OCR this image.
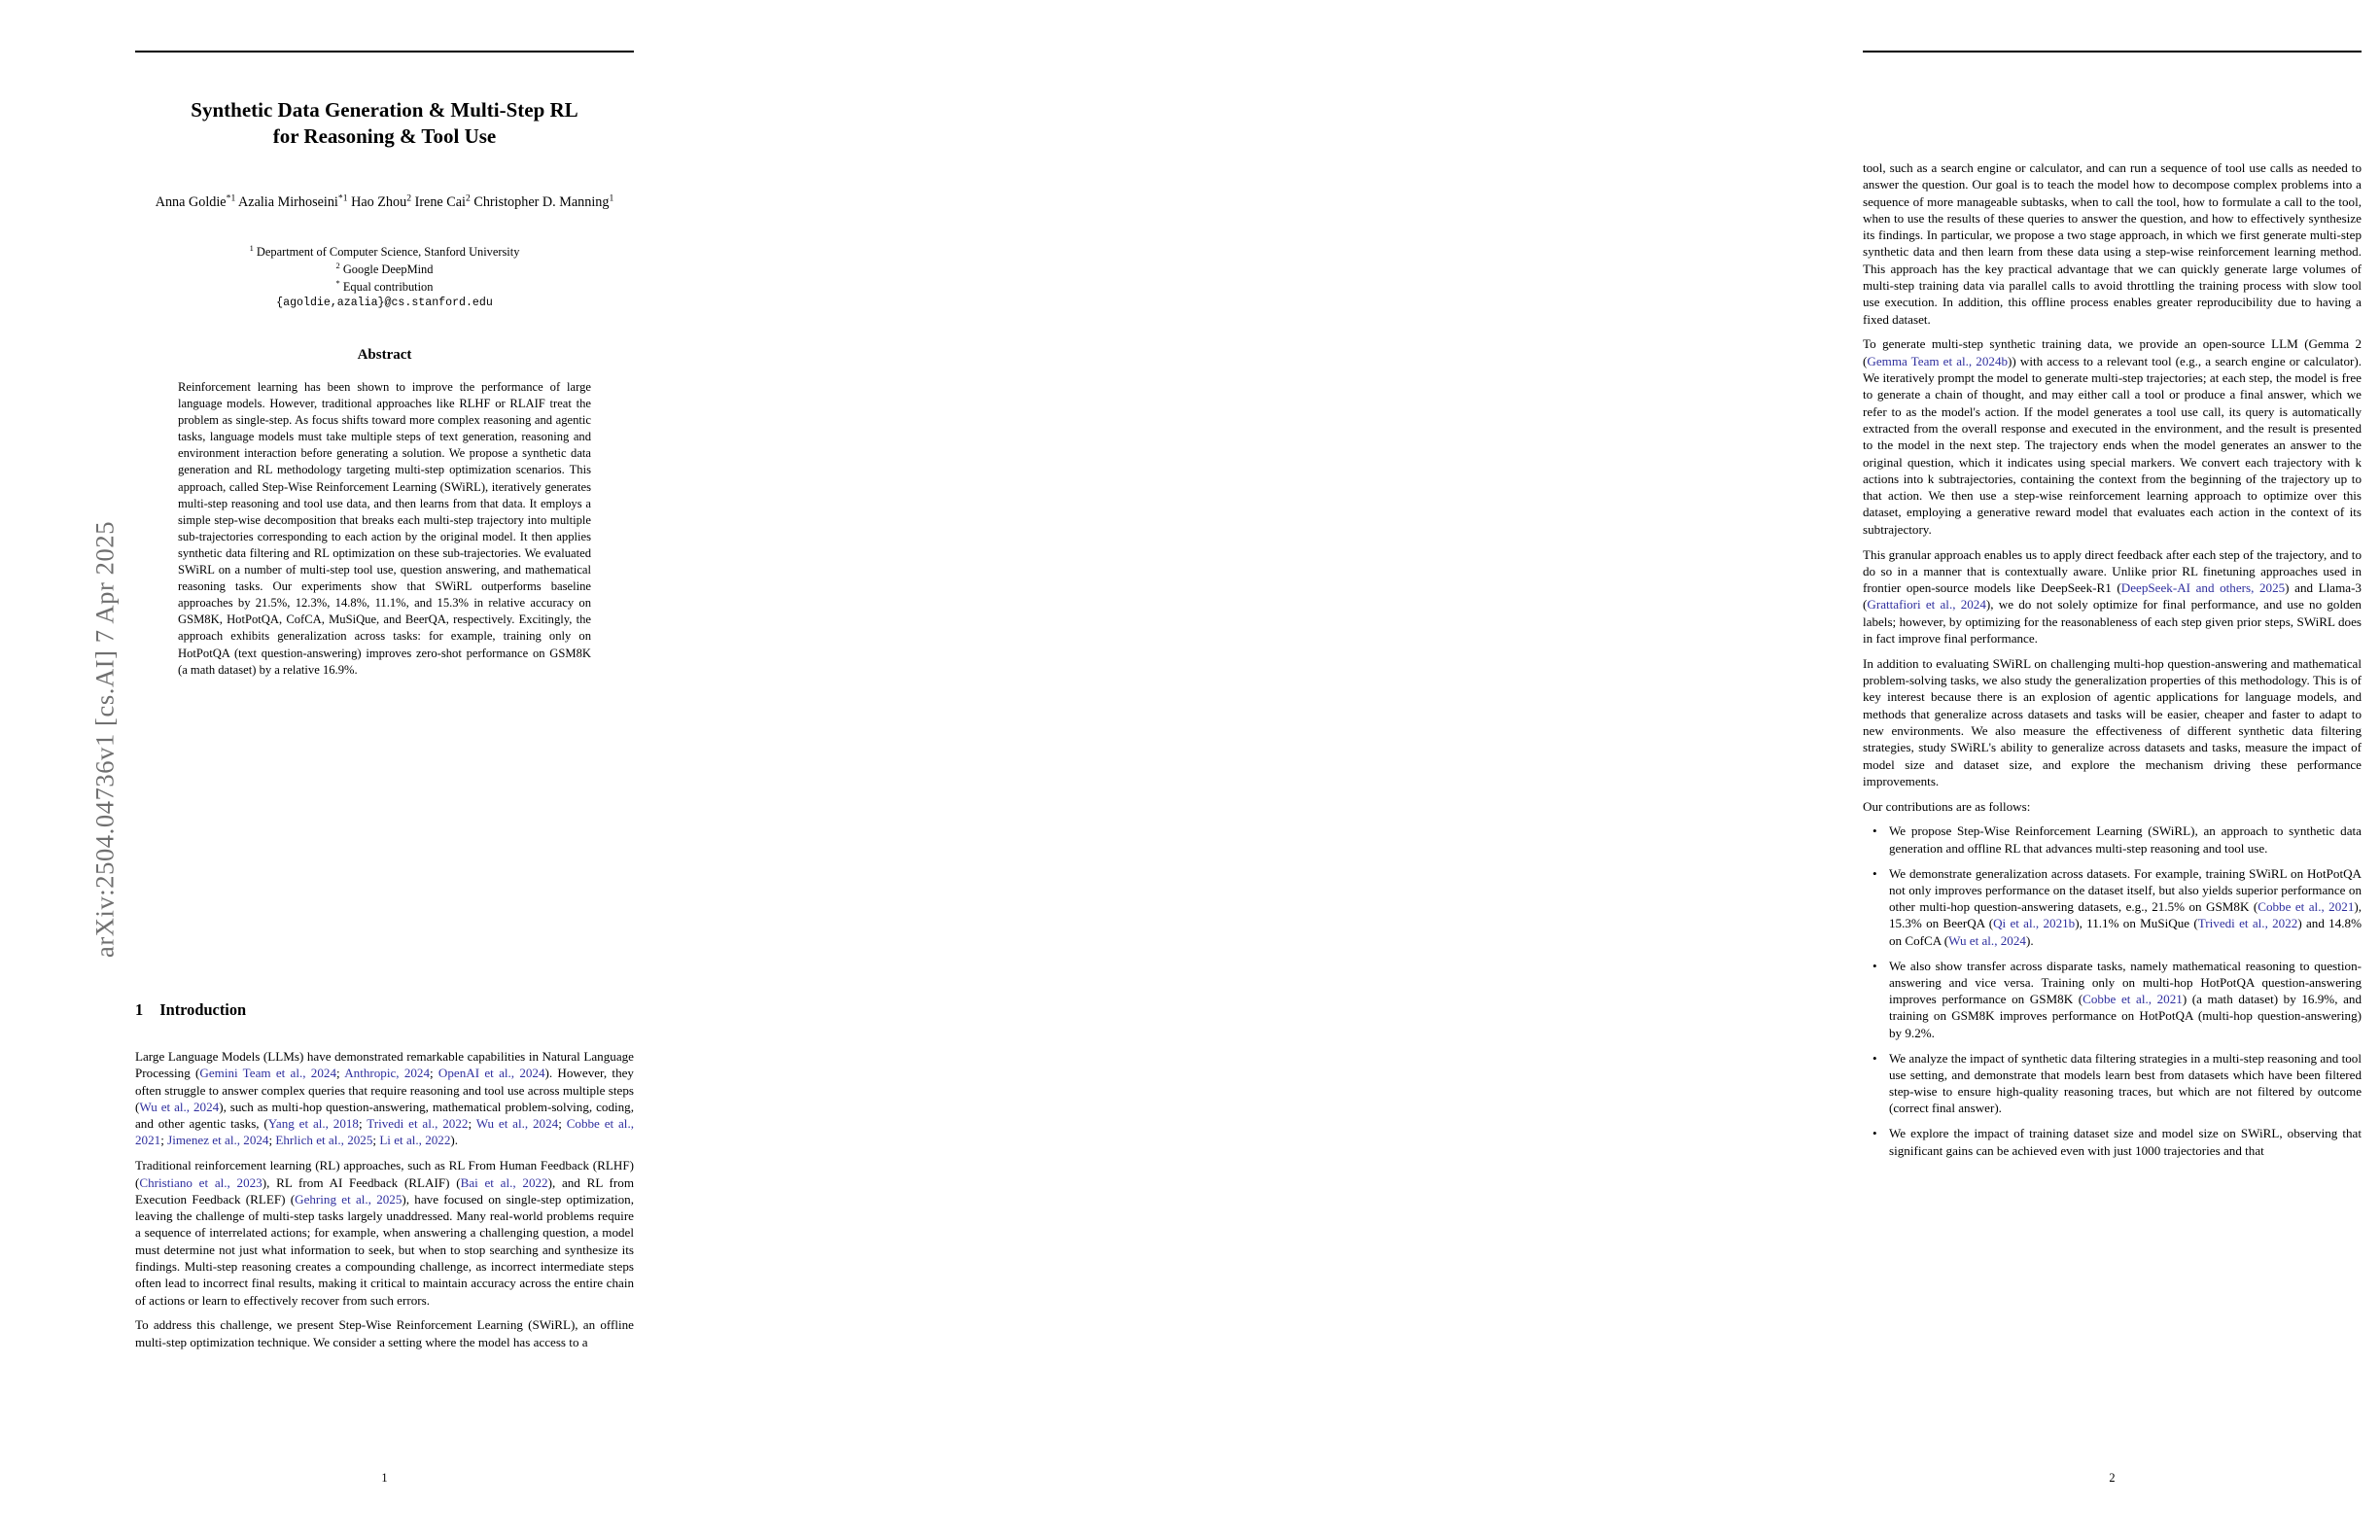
arXiv:2504.04736v1 [cs.AI] 7 Apr 2025
Synthetic Data Generation & Multi-Step RL
for Reasoning & Tool Use
Anna Goldie$^{*1}$ Azalia Mirhoseini$^{*1}$ Hao Zhou$^2$ Irene Cai$^2$ Christopher D. Manning$^1$
$^1$ Department of Computer Science, Stanford University
$^2$ Google DeepMind
* Equal contribution
{agoldie,azalia}@cs.stanford.edu
Abstract
Reinforcement learning has been shown to improve the performance of large language models. However, traditional approaches like RLHF or RLAIF treat the problem as single-step. As focus shifts toward more complex reasoning and agentic tasks, language models must take multiple steps of text generation, reasoning and environment interaction before generating a solution. We propose a synthetic data generation and RL methodology targeting multi-step optimization scenarios. This approach, called Step-Wise Reinforcement Learning (SWiRL), iteratively generates multi-step reasoning and tool use data, and then learns from that data. It employs a simple step-wise decomposition that breaks each multi-step trajectory into multiple sub-trajectories corresponding to each action by the original model. It then applies synthetic data filtering and RL optimization on these sub-trajectories. We evaluated SWiRL on a number of multi-step tool use, question answering, and mathematical reasoning tasks. Our experiments show that SWiRL outperforms baseline approaches by 21.5%, 12.3%, 14.8%, 11.1%, and 15.3% in relative accuracy on GSM8K, HotPotQA, CofCA, MuSiQue, and BeerQA, respectively. Excitingly, the approach exhibits generalization across tasks: for example, training only on HotPotQA (text question-answering) improves zero-shot performance on GSM8K (a math dataset) by a relative 16.9%.
1 Introduction

Large Language Models (LLMs) have demonstrated remarkable capabilities in Natural Language Processing (Gemini Team et al., 2024; Anthropic, 2024; OpenAI et al., 2024). However, they often struggle to answer complex queries that require reasoning and tool use across multiple steps (Wu et al., 2024), such as multi-hop question-answering, mathematical problem-solving, coding, and other agentic tasks, (Yang et al., 2018; Trivedi et al., 2022; Wu et al., 2024; Cobbe et al., 2021; Jimenez et al., 2024; Ehrlich et al., 2025; Li et al., 2022).

Traditional reinforcement learning (RL) approaches, such as RL From Human Feedback (RLHF) (Christiano et al., 2023), RL from AI Feedback (RLAIF) (Bai et al., 2022), and RL from Execution Feedback (RLEF) (Gehring et al., 2025), have focused on single-step optimization, leaving the challenge of multi-step tasks largely unaddressed. Many real-world problems require a sequence of interrelated actions; for example, when answering a challenging question, a model must determine not just what information to seek, but when to stop searching and synthesize its findings. Multi-step reasoning creates a compounding challenge, as incorrect intermediate steps often lead to incorrect final results, making it critical to maintain accuracy across the entire chain of actions or learn to effectively recover from such errors.

To address this challenge, we present Step-Wise Reinforcement Learning (SWiRL), an offline multi-step optimization technique. We consider a setting where the model has access to a

1

tool, such as a search engine or calculator, and can run a sequence of tool use calls as needed to answer the question. Our goal is to teach the model how to decompose complex problems into a sequence of more manageable subtasks, when to call the tool, how to formulate a call to the tool, when to use the results of these queries to answer the question, and how to effectively synthesize its findings. In particular, we propose a two stage approach, in which we first generate multi-step synthetic data and then learn from these data using a step-wise reinforcement learning method. This approach has the key practical advantage that we can quickly generate large volumes of multi-step training data via parallel calls to avoid throttling the training process with slow tool use execution. In addition, this offline process enables greater reproducibility due to having a fixed dataset.

To generate multi-step synthetic training data, we provide an open-source LLM (Gemma 2 (Gemma Team et al., 2024b)) with access to a relevant tool (e.g., a search engine or calculator). We iteratively prompt the model to generate multi-step trajectories; at each step, the model is free to generate a chain of thought, and may either call a tool or produce a final answer, which we refer to as the model's action. If the model generates a tool use call, its query is automatically extracted from the overall response and executed in the environment, and the result is presented to the model in the next step. The trajectory ends when the model generates an answer to the original question, which it indicates using special markers. We convert each trajectory with k actions into k subtrajectories, containing the context from the beginning of the trajectory up to that action. We then use a step-wise reinforcement learning approach to optimize over this dataset, employing a generative reward model that evaluates each action in the context of its subtrajectory.

This granular approach enables us to apply direct feedback after each step of the trajectory, and to do so in a manner that is contextually aware. Unlike prior RL finetuning approaches used in frontier open-source models like DeepSeek-R1 (DeepSeek-AI and others, 2025) and Llama-3 (Grattafiori et al., 2024), we do not solely optimize for final performance, and use no golden labels; however, by optimizing for the reasonableness of each step given prior steps, SWiRL does in fact improve final performance.

In addition to evaluating SWiRL on challenging multi-hop question-answering and mathematical problem-solving tasks, we also study the generalization properties of this methodology. This is of key interest because there is an explosion of agentic applications for language models, and methods that generalize across datasets and tasks will be easier, cheaper and faster to adapt to new environments. We also measure the effectiveness of different synthetic data filtering strategies, study SWiRL's ability to generalize across datasets and tasks, measure the impact of model size and dataset size, and explore the mechanism driving these performance improvements.

Our contributions are as follows:

• We propose Step-Wise Reinforcement Learning (SWiRL), an approach to synthetic data generation and offline RL that advances multi-step reasoning and tool use.
• We demonstrate generalization across datasets. For example, training SWiRL on HotPotQA not only improves performance on the dataset itself, but also yields superior performance on other multi-hop question-answering datasets, e.g., 21.5% on GSM8K (Cobbe et al., 2021), 15.3% on BeerQA (Qi et al., 2021b), 11.1% on MuSiQue (Trivedi et al., 2022) and 14.8% on CofCA (Wu et al., 2024).
• We also show transfer across disparate tasks, namely mathematical reasoning to question-answering and vice versa. Training only on multi-hop HotPotQA question-answering improves performance on GSM8K (Cobbe et al., 2021) (a math dataset) by 16.9%, and training on GSM8K improves performance on HotPotQA (multi-hop question-answering) by 9.2%.
• We analyze the impact of synthetic data filtering strategies in a multi-step reasoning and tool use setting, and demonstrate that models learn best from datasets which have been filtered step-wise to ensure high-quality reasoning traces, but which are not filtered by outcome (correct final answer).
• We explore the impact of training dataset size and model size on SWiRL, observing that significant gains can be achieved even with just 1000 trajectories and that
2
